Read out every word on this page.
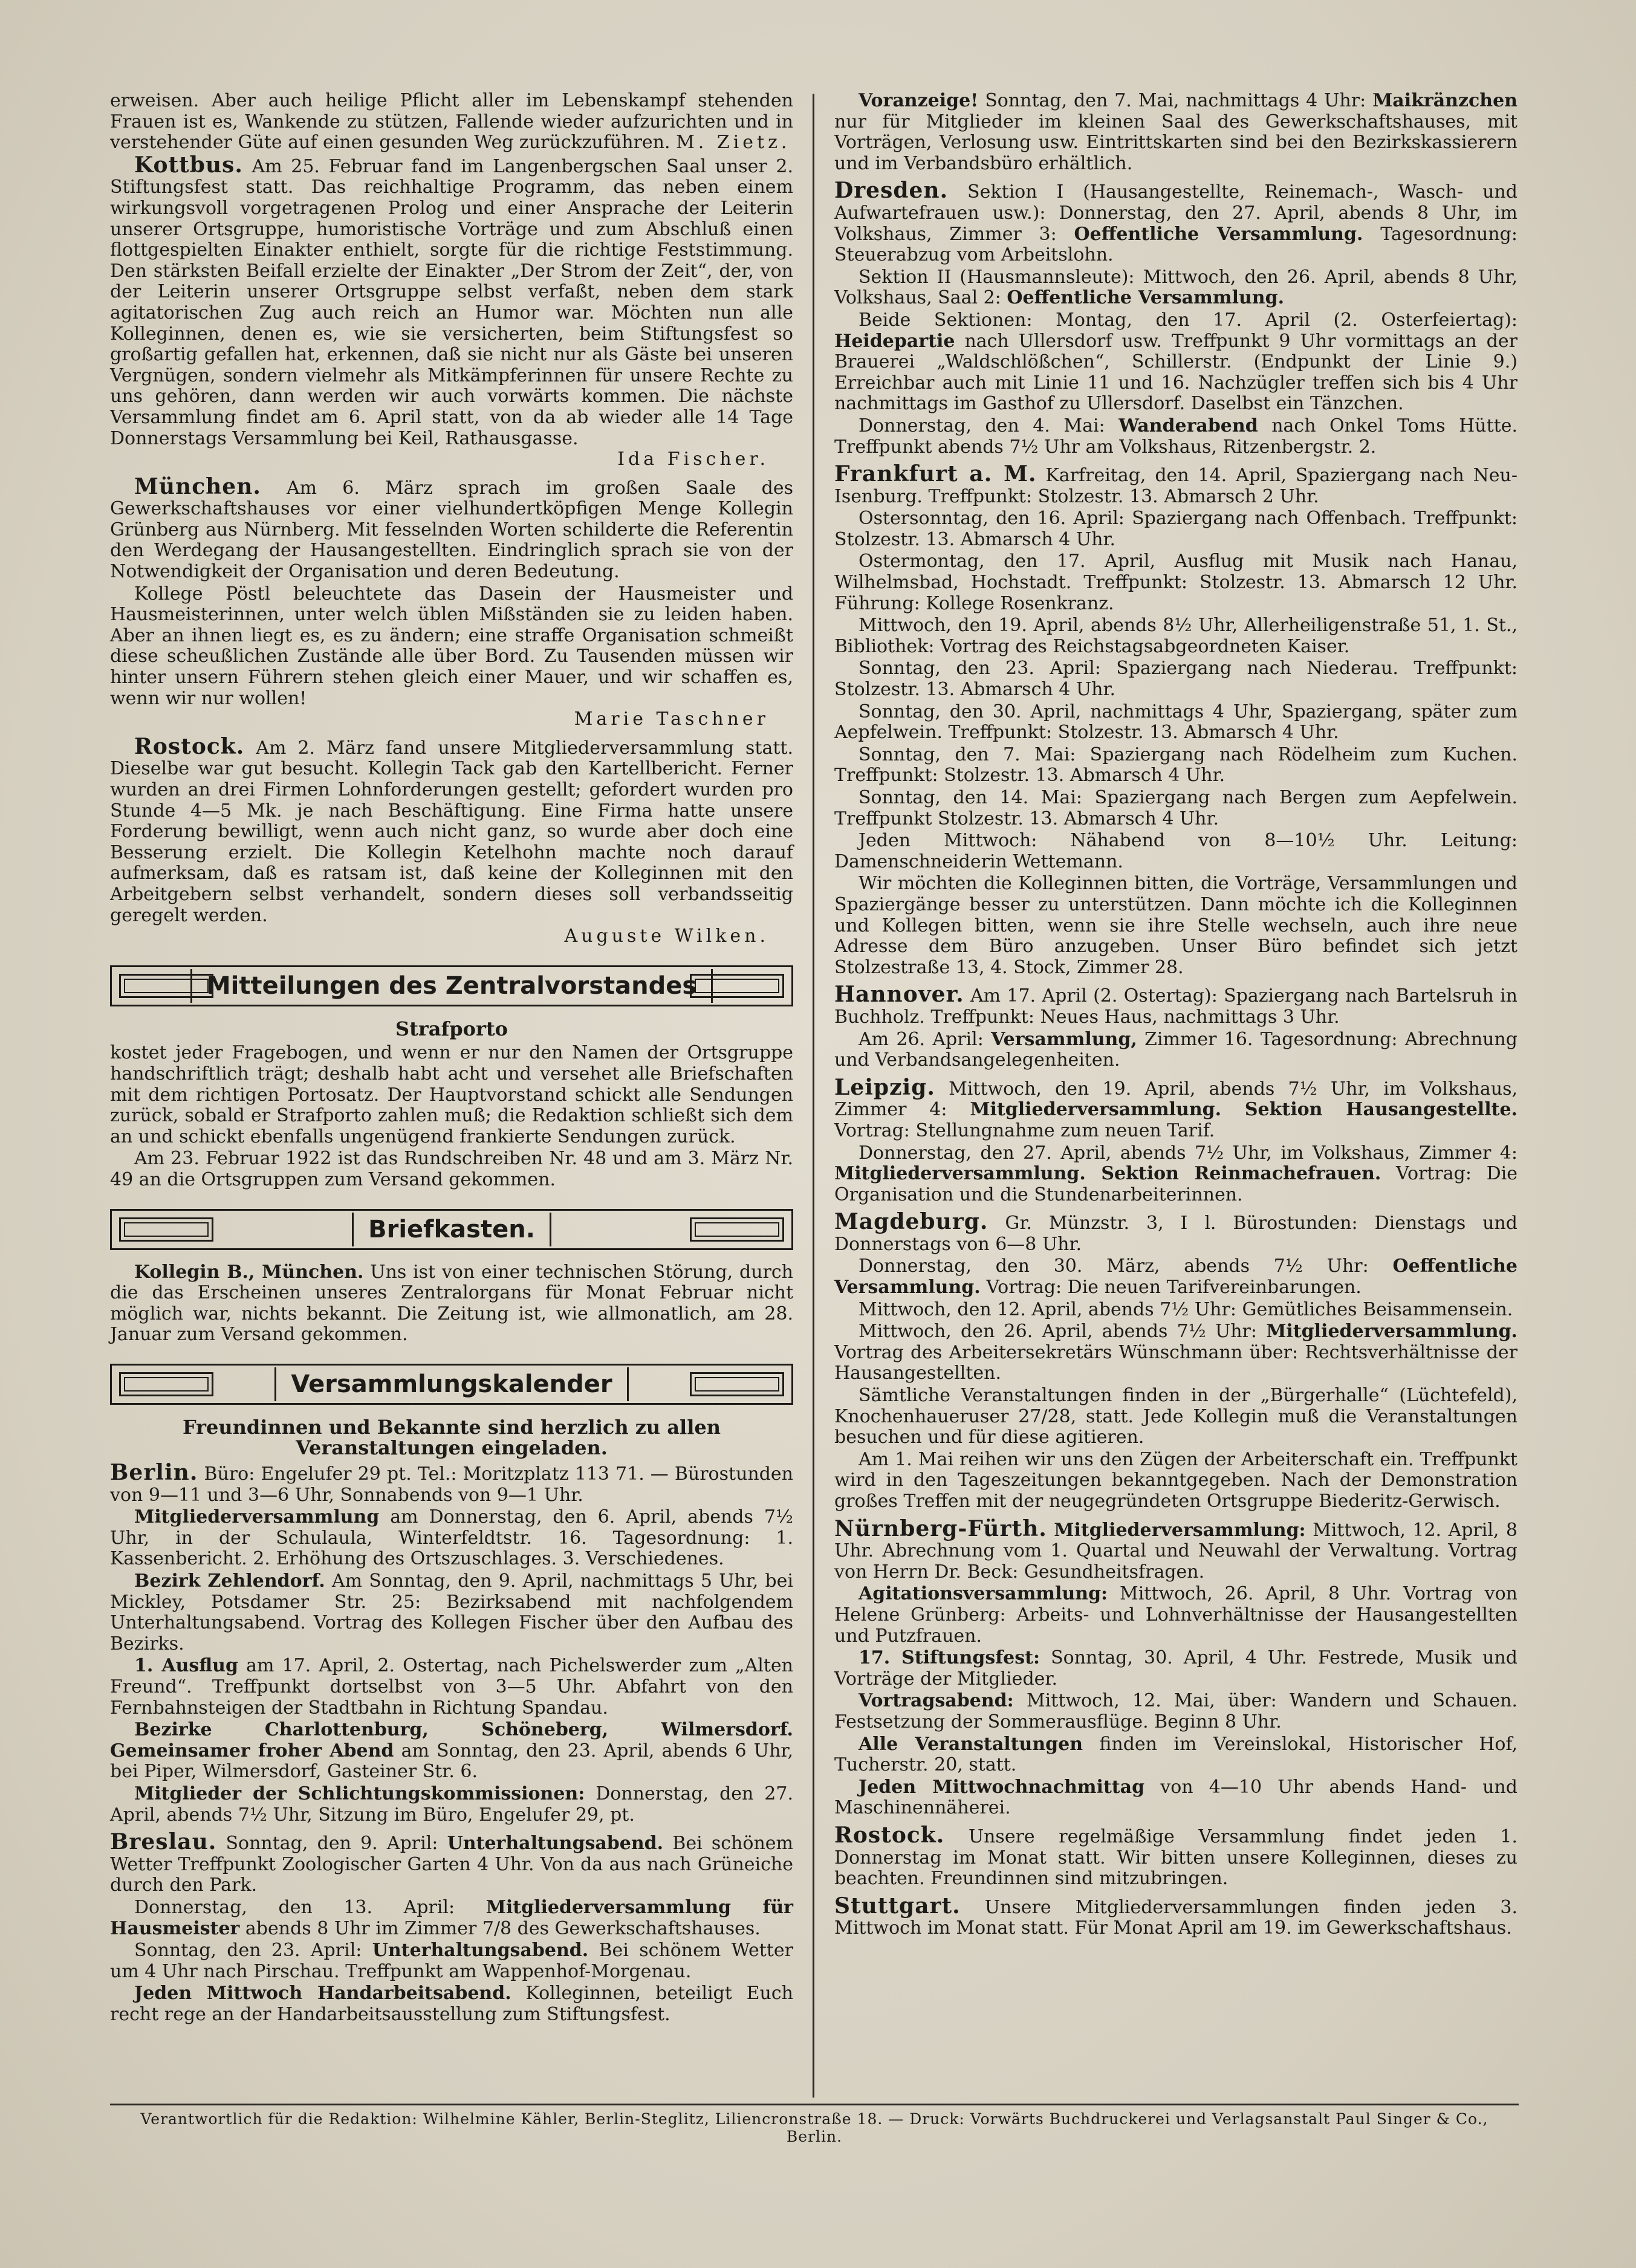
erweisen. Aber auch heilige Pflicht aller im Lebenskampf stehenden Frauen ist es, Wankende zu stützen, Fallende wieder aufzurichten und in verstehender Güte auf einen gesunden Weg zurückzuführen. M. Zietz.

Kottbus. Am 25. Februar fand im Langenbergschen Saal unser 2. Stiftungsfest statt. Das reichhaltige Programm, das neben einem wirkungsvoll vorgetragenen Prolog und einer Ansprache der Leiterin unserer Ortsgruppe, humoristische Vorträge und zum Abschluß einen flottgespielten Einakter enthielt, sorgte für die richtige Feststimmung. Den stärksten Beifall erzielte der Einakter „Der Strom der Zeit“, der, von der Leiterin unserer Ortsgruppe selbst verfaßt, neben dem stark agitatorischen Zug auch reich an Humor war. Möchten nun alle Kolleginnen, denen es, wie sie versicherten, beim Stiftungsfest so großartig gefallen hat, erkennen, daß sie nicht nur als Gäste bei unseren Vergnügen, sondern vielmehr als Mitkämpferinnen für unsere Rechte zu uns gehören, dann werden wir auch vorwärts kommen. Die nächste Versammlung findet am 6. April statt, von da ab wieder alle 14 Tage Donnerstags Versammlung bei Keil, Rathausgasse.
Ida Fischer.

München. Am 6. März sprach im großen Saale des Gewerkschaftshauses vor einer vielhundertköpfigen Menge Kollegin Grünberg aus Nürnberg. Mit fesselnden Worten schilderte die Referentin den Werdegang der Hausangestellten. Eindringlich sprach sie von der Notwendigkeit der Organisation und deren Bedeutung.

Kollege Pöstl beleuchtete das Dasein der Hausmeister und Hausmeisterinnen, unter welch üblen Mißständen sie zu leiden haben. Aber an ihnen liegt es, es zu ändern; eine straffe Organisation schmeißt diese scheußlichen Zustände alle über Bord. Zu Tausenden müssen wir hinter unsern Führern stehen gleich einer Mauer, und wir schaffen es, wenn wir nur wollen!
Marie Taschner

Rostock. Am 2. März fand unsere Mitgliederversammlung statt. Dieselbe war gut besucht. Kollegin Tack gab den Kartellbericht. Ferner wurden an drei Firmen Lohnforderungen gestellt; gefordert wurden pro Stunde 4—5 Mk. je nach Beschäftigung. Eine Firma hatte unsere Forderung bewilligt, wenn auch nicht ganz, so wurde aber doch eine Besserung erzielt. Die Kollegin Ketelhohn machte noch darauf aufmerksam, daß es ratsam ist, daß keine der Kolleginnen mit den Arbeitgebern selbst verhandelt, sondern dieses soll verbandsseitig geregelt werden.
Auguste Wilken.

Mitteilungen des Zentralvorstandes
Strafporto

kostet jeder Fragebogen, und wenn er nur den Namen der Ortsgruppe handschriftlich trägt; deshalb habt acht und versehet alle Briefschaften mit dem richtigen Portosatz. Der Hauptvorstand schickt alle Sendungen zurück, sobald er Strafporto zahlen muß; die Redaktion schließt sich dem an und schickt ebenfalls ungenügend frankierte Sendungen zurück.

Am 23. Februar 1922 ist das Rundschreiben Nr. 48 und am 3. März Nr. 49 an die Ortsgruppen zum Versand gekommen.

Briefkasten.

Kollegin B., München. Uns ist von einer technischen Störung, durch die das Erscheinen unseres Zentralorgans für Monat Februar nicht möglich war, nichts bekannt. Die Zeitung ist, wie allmonatlich, am 28. Januar zum Versand gekommen.

Versammlungskalender
Freundinnen und Bekannte sind herzlich zu allen Veranstaltungen eingeladen.

Berlin. Büro: Engelufer 29 pt. Tel.: Moritzplatz 113 71. — Bürostunden von 9—11 und 3—6 Uhr, Sonnabends von 9—1 Uhr.

Mitgliederversammlung am Donnerstag, den 6. April, abends 7½ Uhr, in der Schulaula, Winterfeldtstr. 16. Tagesordnung: 1. Kassenbericht. 2. Erhöhung des Ortszuschlages. 3. Verschiedenes.

Bezirk Zehlendorf. Am Sonntag, den 9. April, nachmittags 5 Uhr, bei Mickley, Potsdamer Str. 25: Bezirksabend mit nachfolgendem Unterhaltungsabend. Vortrag des Kollegen Fischer über den Aufbau des Bezirks.

1. Ausflug am 17. April, 2. Ostertag, nach Pichelswerder zum „Alten Freund“. Treffpunkt dortselbst von 3—5 Uhr. Abfahrt von den Fernbahnsteigen der Stadtbahn in Richtung Spandau.

Bezirke Charlottenburg, Schöneberg, Wilmersdorf. Gemeinsamer froher Abend am Sonntag, den 23. April, abends 6 Uhr, bei Piper, Wilmersdorf, Gasteiner Str. 6.

Mitglieder der Schlichtungskommissionen: Donnerstag, den 27. April, abends 7½ Uhr, Sitzung im Büro, Engelufer 29, pt.

Breslau. Sonntag, den 9. April: Unterhaltungsabend. Bei schönem Wetter Treffpunkt Zoologischer Garten 4 Uhr. Von da aus nach Grüneiche durch den Park.

Donnerstag, den 13. April: Mitgliederversammlung für Hausmeister abends 8 Uhr im Zimmer 7/8 des Gewerkschaftshauses.

Sonntag, den 23. April: Unterhaltungsabend. Bei schönem Wetter um 4 Uhr nach Pirschau. Treffpunkt am Wappenhof-Morgenau.

Jeden Mittwoch Handarbeitsabend. Kolleginnen, beteiligt Euch recht rege an der Handarbeitsausstellung zum Stiftungsfest.

Voranzeige! Sonntag, den 7. Mai, nachmittags 4 Uhr: Maikränzchen nur für Mitglieder im kleinen Saal des Gewerkschaftshauses, mit Vorträgen, Verlosung usw. Eintrittskarten sind bei den Bezirkskassierern und im Verbandsbüro erhältlich.

Dresden. Sektion I (Hausangestellte, Reinemach-, Wasch- und Aufwartefrauen usw.): Donnerstag, den 27. April, abends 8 Uhr, im Volkshaus, Zimmer 3: Oeffentliche Versammlung. Tagesordnung: Steuerabzug vom Arbeitslohn.

Sektion II (Hausmannsleute): Mittwoch, den 26. April, abends 8 Uhr, Volkshaus, Saal 2: Oeffentliche Versammlung.

Beide Sektionen: Montag, den 17. April (2. Osterfeiertag): Heidepartie nach Ullersdorf usw. Treffpunkt 9 Uhr vormittags an der Brauerei „Waldschlößchen“, Schillerstr. (Endpunkt der Linie 9.) Erreichbar auch mit Linie 11 und 16. Nachzügler treffen sich bis 4 Uhr nachmittags im Gasthof zu Ullersdorf. Daselbst ein Tänzchen.

Donnerstag, den 4. Mai: Wanderabend nach Onkel Toms Hütte. Treffpunkt abends 7½ Uhr am Volkshaus, Ritzenbergstr. 2.

Frankfurt a. M. Karfreitag, den 14. April, Spaziergang nach Neu-Isenburg. Treffpunkt: Stolzestr. 13. Abmarsch 2 Uhr.

Ostersonntag, den 16. April: Spaziergang nach Offenbach. Treffpunkt: Stolzestr. 13. Abmarsch 4 Uhr.

Ostermontag, den 17. April, Ausflug mit Musik nach Hanau, Wilhelmsbad, Hochstadt. Treffpunkt: Stolzestr. 13. Abmarsch 12 Uhr. Führung: Kollege Rosenkranz.

Mittwoch, den 19. April, abends 8½ Uhr, Allerheiligenstraße 51, 1. St., Bibliothek: Vortrag des Reichstagsabgeordneten Kaiser.

Sonntag, den 23. April: Spaziergang nach Niederau. Treffpunkt: Stolzestr. 13. Abmarsch 4 Uhr.

Sonntag, den 30. April, nachmittags 4 Uhr, Spaziergang, später zum Aepfelwein. Treffpunkt: Stolzestr. 13. Abmarsch 4 Uhr.

Sonntag, den 7. Mai: Spaziergang nach Rödelheim zum Kuchen. Treffpunkt: Stolzestr. 13. Abmarsch 4 Uhr.

Sonntag, den 14. Mai: Spaziergang nach Bergen zum Aepfelwein. Treffpunkt Stolzestr. 13. Abmarsch 4 Uhr.

Jeden Mittwoch: Nähabend von 8—10½ Uhr. Leitung: Damenschneiderin Wettemann.

Wir möchten die Kolleginnen bitten, die Vorträge, Versammlungen und Spaziergänge besser zu unterstützen. Dann möchte ich die Kolleginnen und Kollegen bitten, wenn sie ihre Stelle wechseln, auch ihre neue Adresse dem Büro anzugeben. Unser Büro befindet sich jetzt Stolzestraße 13, 4. Stock, Zimmer 28.

Hannover. Am 17. April (2. Ostertag): Spaziergang nach Bartelsruh in Buchholz. Treffpunkt: Neues Haus, nachmittags 3 Uhr.

Am 26. April: Versammlung, Zimmer 16. Tagesordnung: Abrechnung und Verbandsangelegenheiten.

Leipzig. Mittwoch, den 19. April, abends 7½ Uhr, im Volkshaus, Zimmer 4: Mitgliederversammlung. Sektion Hausangestellte. Vortrag: Stellungnahme zum neuen Tarif.

Donnerstag, den 27. April, abends 7½ Uhr, im Volkshaus, Zimmer 4: Mitgliederversammlung. Sektion Reinmachefrauen. Vortrag: Die Organisation und die Stundenarbeiterinnen.

Magdeburg. Gr. Münzstr. 3, I l. Bürostunden: Dienstags und Donnerstags von 6—8 Uhr.

Donnerstag, den 30. März, abends 7½ Uhr: Oeffentliche Versammlung. Vortrag: Die neuen Tarifvereinbarungen.

Mittwoch, den 12. April, abends 7½ Uhr: Gemütliches Beisammensein.

Mittwoch, den 26. April, abends 7½ Uhr: Mitgliederversammlung. Vortrag des Arbeitersekretärs Wünschmann über: Rechtsverhältnisse der Hausangestellten.

Sämtliche Veranstaltungen finden in der „Bürgerhalle“ (Lüchtefeld), Knochenhaueruser 27/28, statt. Jede Kollegin muß die Veranstaltungen besuchen und für diese agitieren.

Am 1. Mai reihen wir uns den Zügen der Arbeiterschaft ein. Treffpunkt wird in den Tageszeitungen bekanntgegeben. Nach der Demonstration großes Treffen mit der neugegründeten Ortsgruppe Biederitz-Gerwisch.

Nürnberg-Fürth. Mitgliederversammlung: Mittwoch, 12. April, 8 Uhr. Abrechnung vom 1. Quartal und Neuwahl der Verwaltung. Vortrag von Herrn Dr. Beck: Gesundheitsfragen.

Agitationsversammlung: Mittwoch, 26. April, 8 Uhr. Vortrag von Helene Grünberg: Arbeits- und Lohnverhältnisse der Hausangestellten und Putzfrauen.

17. Stiftungsfest: Sonntag, 30. April, 4 Uhr. Festrede, Musik und Vorträge der Mitglieder.

Vortragsabend: Mittwoch, 12. Mai, über: Wandern und Schauen. Festsetzung der Sommerausflüge. Beginn 8 Uhr.

Alle Veranstaltungen finden im Vereinslokal, Historischer Hof, Tucherstr. 20, statt.

Jeden Mittwochnachmittag von 4—10 Uhr abends Hand- und Maschinennäherei.

Rostock. Unsere regelmäßige Versammlung findet jeden 1. Donnerstag im Monat statt. Wir bitten unsere Kolleginnen, dieses zu beachten. Freundinnen sind mitzubringen.

Stuttgart. Unsere Mitgliederversammlungen finden jeden 3. Mittwoch im Monat statt. Für Monat April am 19. im Gewerkschaftshaus.

Verantwortlich für die Redaktion: Wilhelmine Kähler, Berlin-Steglitz, Liliencronstraße 18. — Druck: Vorwärts Buchdruckerei und Verlagsanstalt Paul Singer & Co., Berlin.
